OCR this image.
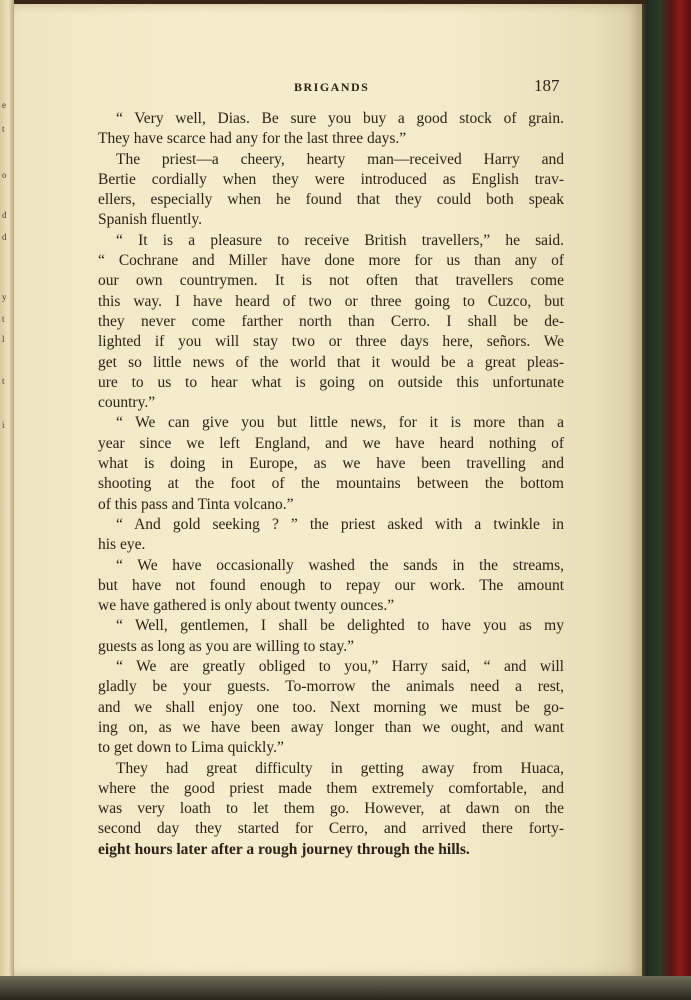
e
t
o
d
d
y
t
l
t
i
BRIGANDS	187
“ Very well, Dias. Be sure you buy a good stock of grain.
They have scarce had any for the last three days.”
The priest—a cheery, hearty man—received Harry and
Bertie cordially when they were introduced as English trav-
ellers, especially when he found that they could both speak
Spanish fluently.
“ It is a pleasure to receive British travellers,” he said.
“ Cochrane and Miller have done more for us than any of
our own countrymen. It is not often that travellers come
this way. I have heard of two or three going to Cuzco, but
they never come farther north than Cerro. I shall be de-
lighted if you will stay two or three days here, señors. We
get so little news of the world that it would be a great pleas-
ure to us to hear what is going on outside this unfortunate
country.”
“ We can give you but little news, for it is more than a
year since we left England, and we have heard nothing of
what is doing in Europe, as we have been travelling and
shooting at the foot of the mountains between the bottom
of this pass and Tinta volcano.”
“ And gold seeking ? ” the priest asked with a twinkle in
his eye.
“ We have occasionally washed the sands in the streams,
but have not found enough to repay our work. The amount
we have gathered is only about twenty ounces.”
“ Well, gentlemen, I shall be delighted to have you as my
guests as long as you are willing to stay.”
“ We are greatly obliged to you,” Harry said, “ and will
gladly be your guests. To-morrow the animals need a rest,
and we shall enjoy one too. Next morning we must be go-
ing on, as we have been away longer than we ought, and want
to get down to Lima quickly.”
They had great difficulty in getting away from Huaca,
where the good priest made them extremely comfortable, and
was very loath to let them go. However, at dawn on the
second day they started for Cerro, and arrived there forty-
eight hours later after a rough journey through the hills.
